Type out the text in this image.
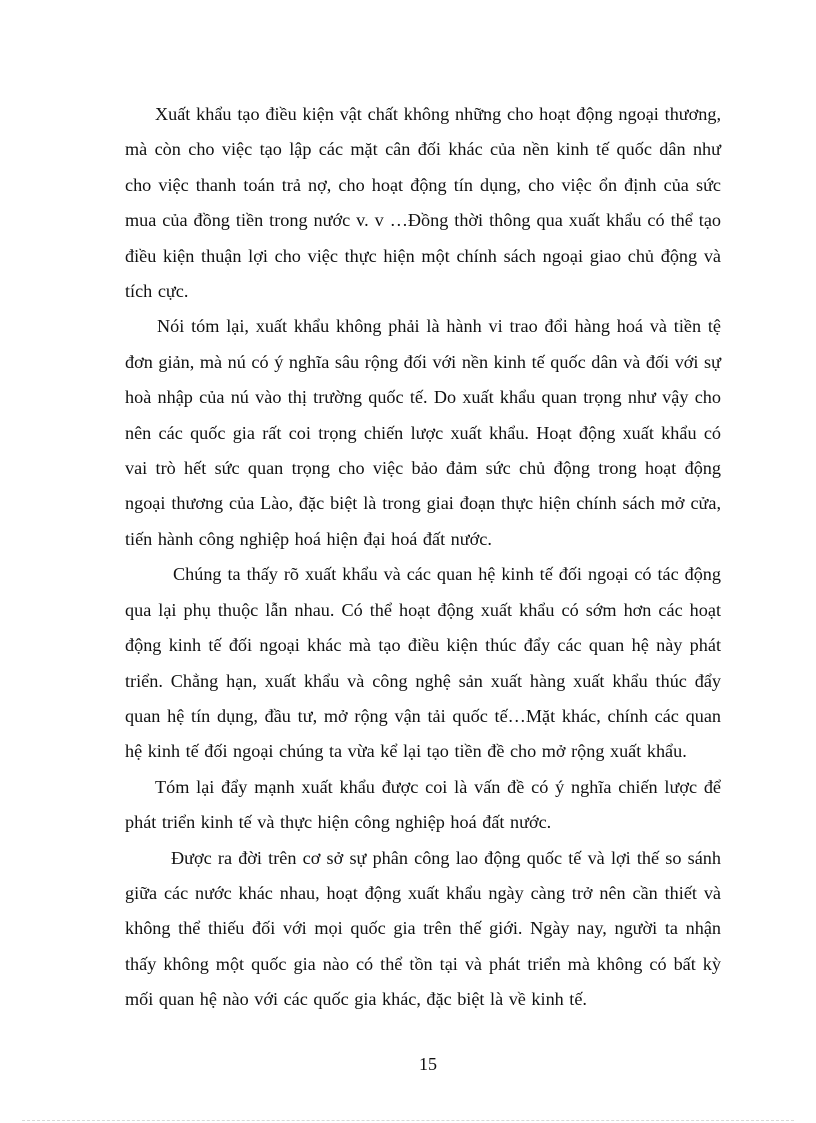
Xuất khẩu tạo điều kiện vật chất không những cho hoạt động ngoại thương, mà còn cho việc tạo lập các mặt cân đối khác của nền kinh tế quốc dân như cho việc thanh toán trả nợ, cho hoạt động tín dụng, cho việc ổn định của sức mua của đồng tiền trong nước v. v …Đồng thời thông qua xuất khẩu có thể tạo điều kiện thuận lợi cho việc thực hiện một chính sách ngoại giao chủ động và tích cực.

Nói tóm lại, xuất khẩu không phải là hành vi trao đổi hàng hoá và tiền tệ đơn giản, mà nú có ý nghĩa sâu rộng đối với nền kinh tế quốc dân và đối với sự hoà nhập của nú vào thị trường quốc tế. Do xuất khẩu quan trọng như vậy cho nên các quốc gia rất coi trọng chiến lược xuất khẩu. Hoạt động xuất khẩu có vai trò hết sức quan trọng cho việc bảo đảm sức chủ động trong hoạt động ngoại thương của Lào, đặc biệt là trong giai đoạn thực hiện chính sách mở cửa, tiến hành công nghiệp hoá hiện đại hoá đất nước.

Chúng ta thấy rõ xuất khẩu và các quan hệ kinh tế đối ngoại có tác động qua lại phụ thuộc lẫn nhau. Có thể hoạt động xuất khẩu có sớm hơn các hoạt động kinh tế đối ngoại khác mà tạo điều kiện thúc đẩy các quan hệ này phát triển. Chẳng hạn, xuất khẩu và công nghệ sản xuất hàng xuất khẩu thúc đẩy quan hệ tín dụng, đầu tư, mở rộng vận tải quốc tế…Mặt khác, chính các quan hệ kinh tế đối ngoại chúng ta vừa kể lại tạo tiền đề cho mở rộng xuất khẩu.

Tóm lại đẩy mạnh xuất khẩu được coi là vấn đề có ý nghĩa chiến lược để phát triển kinh tế và thực hiện công nghiệp hoá đất nước.

Được ra đời trên cơ sở sự phân công lao động quốc tế và lợi thế so sánh giữa các nước khác nhau, hoạt động xuất khẩu ngày càng trở nên cần thiết và không thể thiếu đối với mọi quốc gia trên thế giới. Ngày nay, người ta nhận thấy không một quốc gia nào có thể tồn tại và phát triển mà không có bất kỳ mối quan hệ nào với các quốc gia khác, đặc biệt là về kinh tế.

15
